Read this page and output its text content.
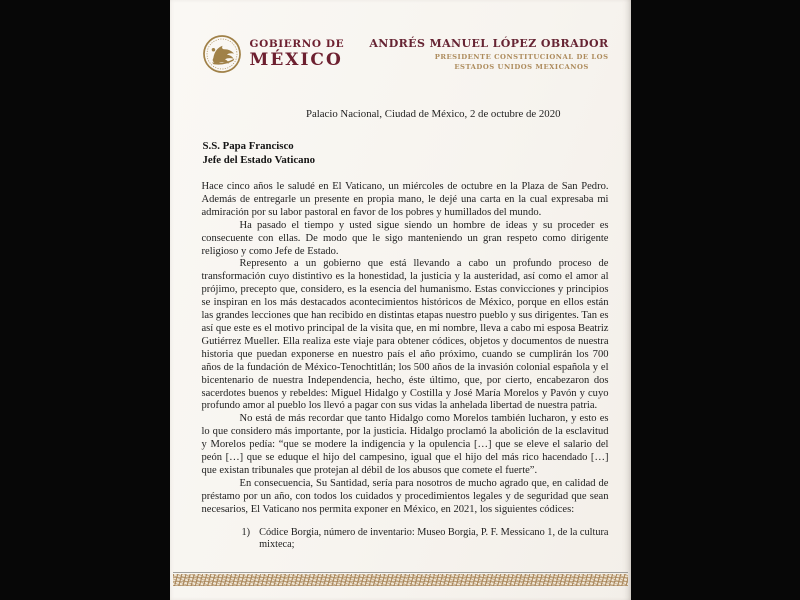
GOBIERNO DE
MÉXICO
ANDRÉS MANUEL LÓPEZ OBRADOR
PRESIDENTE CONSTITUCIONAL DE LOS
ESTADOS UNIDOS MEXICANOS
Palacio Nacional, Ciudad de México, 2 de octubre de 2020
S.S. Papa Francisco
Jefe del Estado Vaticano

Hace cinco años le saludé en El Vaticano, un miércoles de octubre en la Plaza de San Pedro. Además de entregarle un presente en propia mano, le dejé una carta en la cual expresaba mi admiración por su labor pastoral en favor de los pobres y humillados del mundo.

Ha pasado el tiempo y usted sigue siendo un hombre de ideas y su proceder es consecuente con ellas. De modo que le sigo manteniendo un gran respeto como dirigente religioso y como Jefe de Estado.

Represento a un gobierno que está llevando a cabo un profundo proceso de transformación cuyo distintivo es la honestidad, la justicia y la austeridad, así como el amor al prójimo, precepto que, considero, es la esencia del humanismo. Estas convicciones y principios se inspiran en los más destacados acontecimientos históricos de México, porque en ellos están las grandes lecciones que han recibido en distintas etapas nuestro pueblo y sus dirigentes. Tan es así que este es el motivo principal de la visita que, en mi nombre, lleva a cabo mi esposa Beatriz Gutiérrez Mueller. Ella realiza este viaje para obtener códices, objetos y documentos de nuestra historia que puedan exponerse en nuestro país el año próximo, cuando se cumplirán los 700 años de la fundación de México-Tenochtitlán; los 500 años de la invasión colonial española y el bicentenario de nuestra Independencia, hecho, éste último, que, por cierto, encabezaron dos sacerdotes buenos y rebeldes: Miguel Hidalgo y Costilla y José María Morelos y Pavón y cuyo profundo amor al pueblo los llevó a pagar con sus vidas la anhelada libertad de nuestra patria.

No está de más recordar que tanto Hidalgo como Morelos también lucharon, y esto es lo que considero más importante, por la justicia. Hidalgo proclamó la abolición de la esclavitud y Morelos pedía: “que se modere la indigencia y la opulencia […] que se eleve el salario del peón […] que se eduque el hijo del campesino, igual que el hijo del más rico hacendado […] que existan tribunales que protejan al débil de los abusos que comete el fuerte”.

En consecuencia, Su Santidad, sería para nosotros de mucho agrado que, en calidad de préstamo por un año, con todos los cuidados y procedimientos legales y de seguridad que sean necesarios, El Vaticano nos permita exponer en México, en 2021, los siguientes códices:

1) Códice Borgia, número de inventario: Museo Borgia, P. F. Messicano 1, de la cultura mixteca;
